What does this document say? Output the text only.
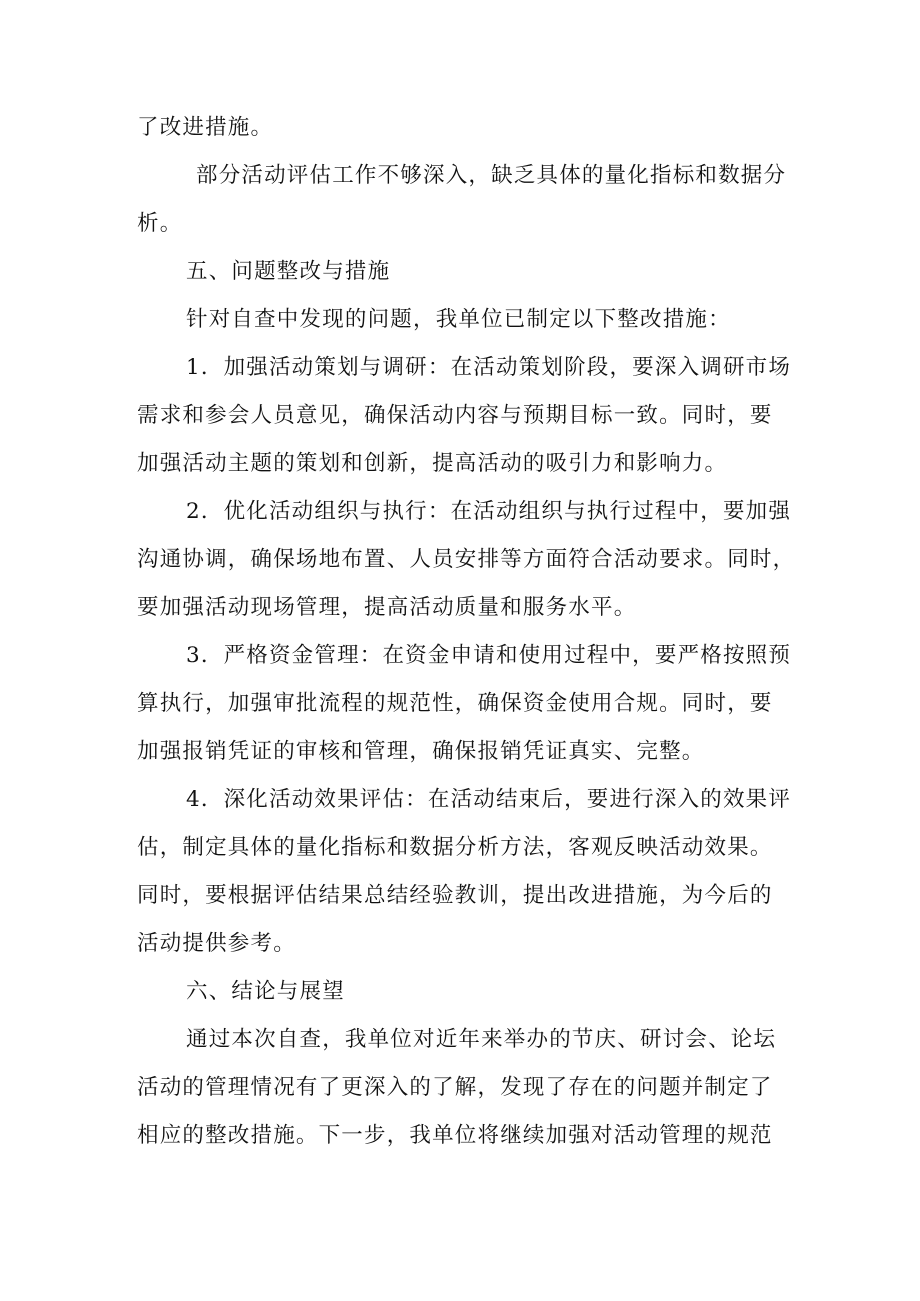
了改进措施。
部分活动评估工作不够深入，缺乏具体的量化指标和数据分
析。
五、问题整改与措施
针对自查中发现的问题，我单位已制定以下整改措施：
1．加强活动策划与调研：在活动策划阶段，要深入调研市场
需求和参会人员意见，确保活动内容与预期目标一致。同时，要
加强活动主题的策划和创新，提高活动的吸引力和影响力。
2．优化活动组织与执行：在活动组织与执行过程中，要加强
沟通协调，确保场地布置、人员安排等方面符合活动要求。同时，
要加强活动现场管理，提高活动质量和服务水平。
3．严格资金管理：在资金申请和使用过程中，要严格按照预
算执行，加强审批流程的规范性，确保资金使用合规。同时，要
加强报销凭证的审核和管理，确保报销凭证真实、完整。
4．深化活动效果评估：在活动结束后，要进行深入的效果评
估，制定具体的量化指标和数据分析方法，客观反映活动效果。
同时，要根据评估结果总结经验教训，提出改进措施，为今后的
活动提供参考。
六、结论与展望
通过本次自查，我单位对近年来举办的节庆、研讨会、论坛
活动的管理情况有了更深入的了解，发现了存在的问题并制定了
相应的整改措施。下一步，我单位将继续加强对活动管理的规范
